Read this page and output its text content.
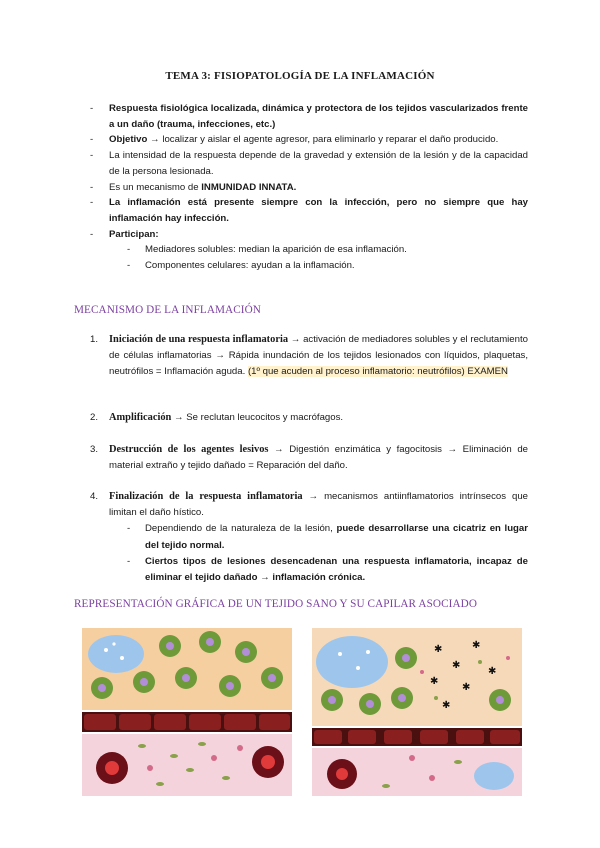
TEMA 3: FISIOPATOLOGÍA DE LA INFLAMACIÓN
-	Respuesta fisiológica localizada, dinámica y protectora de los tejidos vascularizados frente a un daño (trauma, infecciones, etc.)
-	Objetivo → localizar y aislar el agente agresor, para eliminarlo y reparar el daño producido.
-	La intensidad de la respuesta depende de la gravedad y extensión de la lesión y de la capacidad de la persona lesionada.
-	Es un mecanismo de INMUNIDAD INNATA.
-	La inflamación está presente siempre con la infección, pero no siempre que hay inflamación hay infección.
-	Participan:
-	Mediadores solubles: median la aparición de esa inflamación.
-	Componentes celulares: ayudan a la inflamación.
MECANISMO DE LA INFLAMACIÓN
1.	Iniciación de una respuesta inflamatoria → activación de mediadores solubles y el reclutamiento de células inflamatorias → Rápida inundación de los tejidos lesionados con líquidos, plaquetas, neutrófilos = Inflamación aguda. (1º que acuden al proceso inflamatorio: neutrófilos) EXAMEN
2.	Amplificación → Se reclutan leucocitos y macrófagos.
3.	Destrucción de los agentes lesivos → Digestión enzimática y fagocitosis → Eliminación de material extraño y tejido dañado = Reparación del daño.
4.	Finalización de la respuesta inflamatoria → mecanismos antiinflamatorios intrínsecos que limitan el daño hístico.
-	Dependiendo de la naturaleza de la lesión, puede desarrollarse una cicatriz en lugar del tejido normal.
-	Ciertos tipos de lesiones desencadenan una respuesta inflamatoria, incapaz de eliminar el tejido dañado → inflamación crónica.
REPRESENTACIÓN GRÁFICA DE UN TEJIDO SANO Y SU CAPILAR ASOCIADO
✱
✱
✱
✱
✱
✱
✱
